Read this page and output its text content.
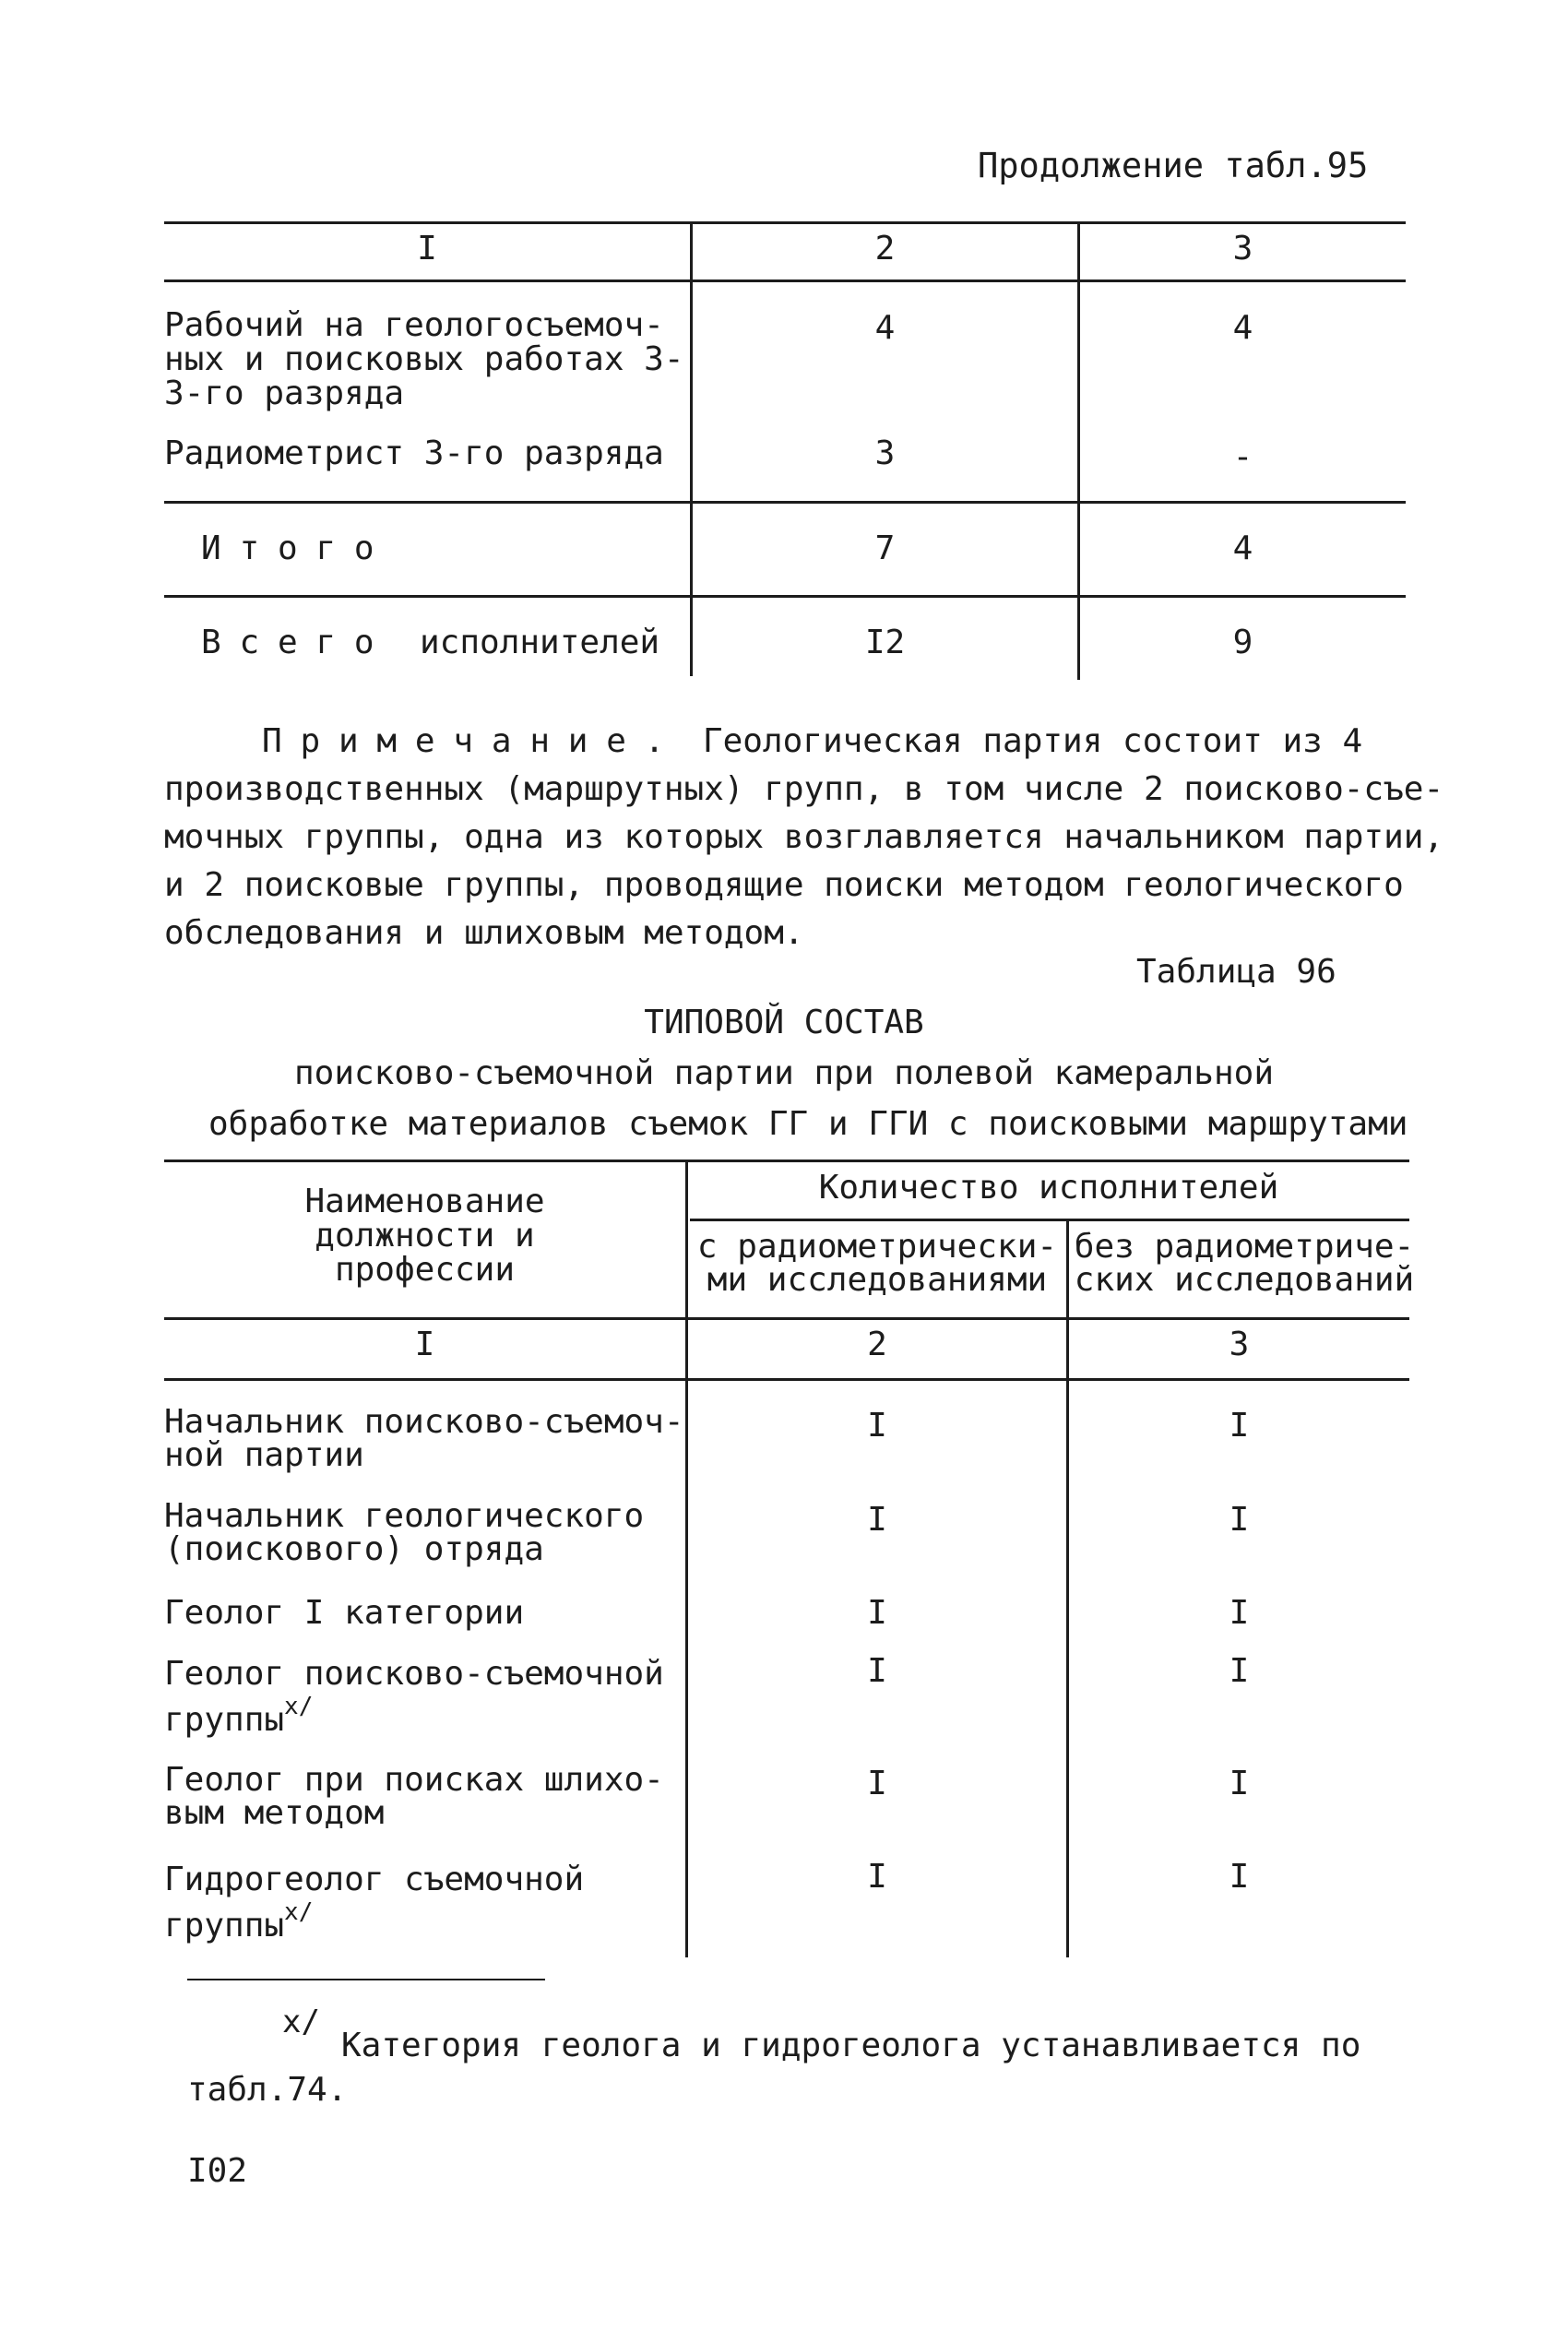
Продолжение табл.95
I	2	3
Рабочий на геологосъемоч-
ных и поисковых работах 3-
3-го разряда
4	4
Радиометрист 3-го разряда	3	-
Итого	7	4
Всего исполнителей	I2	9
Примечание. Геологическая партия состоит из 4
производственных (маршрутных) групп, в том числе 2 поисково-съе-
мочных группы, одна из которых возглавляется начальником партии,
и 2 поисковые группы, проводящие поиски методом геологического
обследования и шлиховым методом.
Таблица 96
ТИПОВОЙ СОСТАВ
поисково-съемочной партии при полевой камеральной
обработке материалов съемок ГГ и ГГИ с поисковыми маршрутами
Наименование
должности и
профессии
Количество исполнителей
с радиометрически-
ми исследованиями
без радиометриче-
ских исследований
I	2	3
Начальник поисково-съемоч-
ной партии
I	I
Начальник геологического
(поискового) отряда
I	I
Геолог I категории	I	I
Геолог поисково-съемочной
группы$^{x/}$
I	I
Геолог при поисках шлихо-
вым методом
I	I
Гидрогеолог съемочной
группы$^{x/}$
I	I
x/
Категория геолога и гидрогеолога устанавливается по
табл.74.
I02
